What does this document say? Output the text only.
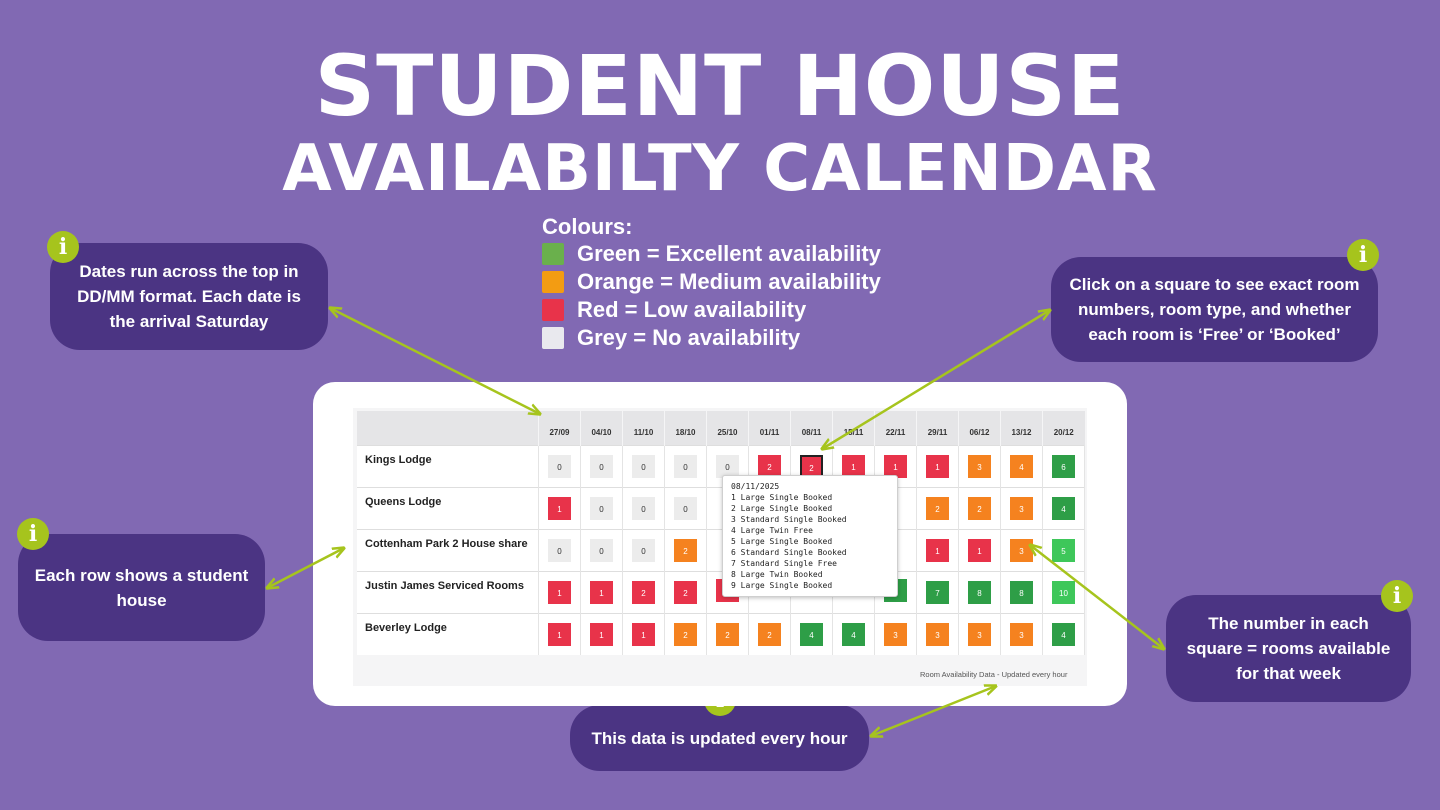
STUDENT HOUSE
AVAILABILTY CALENDAR
Colours:
Green = Excellent availability
Orange = Medium availability
Red = Low availability
Grey = No availability
Dates run across the top in DD/MM format. Each date is the arrival Saturday
Click on a square to see exact room numbers, room type, and whether each room is ‘Free’ or ‘Booked’
Each row shows a student house
The number in each square = rooms available for that week
This data is updated every hour
i	i
i
i
	27/09	04/10	11/10	18/10	25/10	01/11	08/11	15/11	22/11	29/11	06/12	13/12	20/12
Kings Lodge	0	0	0	0	0	2	2	1	1	1	3	4	6
Queens Lodge	1	0	0	0						2	2	3	4
Cottenham Park 2 House share	0	0	0	2						1	1	3	5
Justin James Serviced Rooms	1	1	2	2						7	8	8	10
Beverley Lodge	1	1	1	2	2	2	4	4	3	3	3	3	4
Room Availability Data - Updated every hour
08/11/2025
1 Large Single Booked
2 Large Single Booked
3 Standard Single Booked
4 Large Twin Free
5 Large Single Booked
6 Standard Single Booked
7 Standard Single Free
8 Large Twin Booked
9 Large Single Booked
